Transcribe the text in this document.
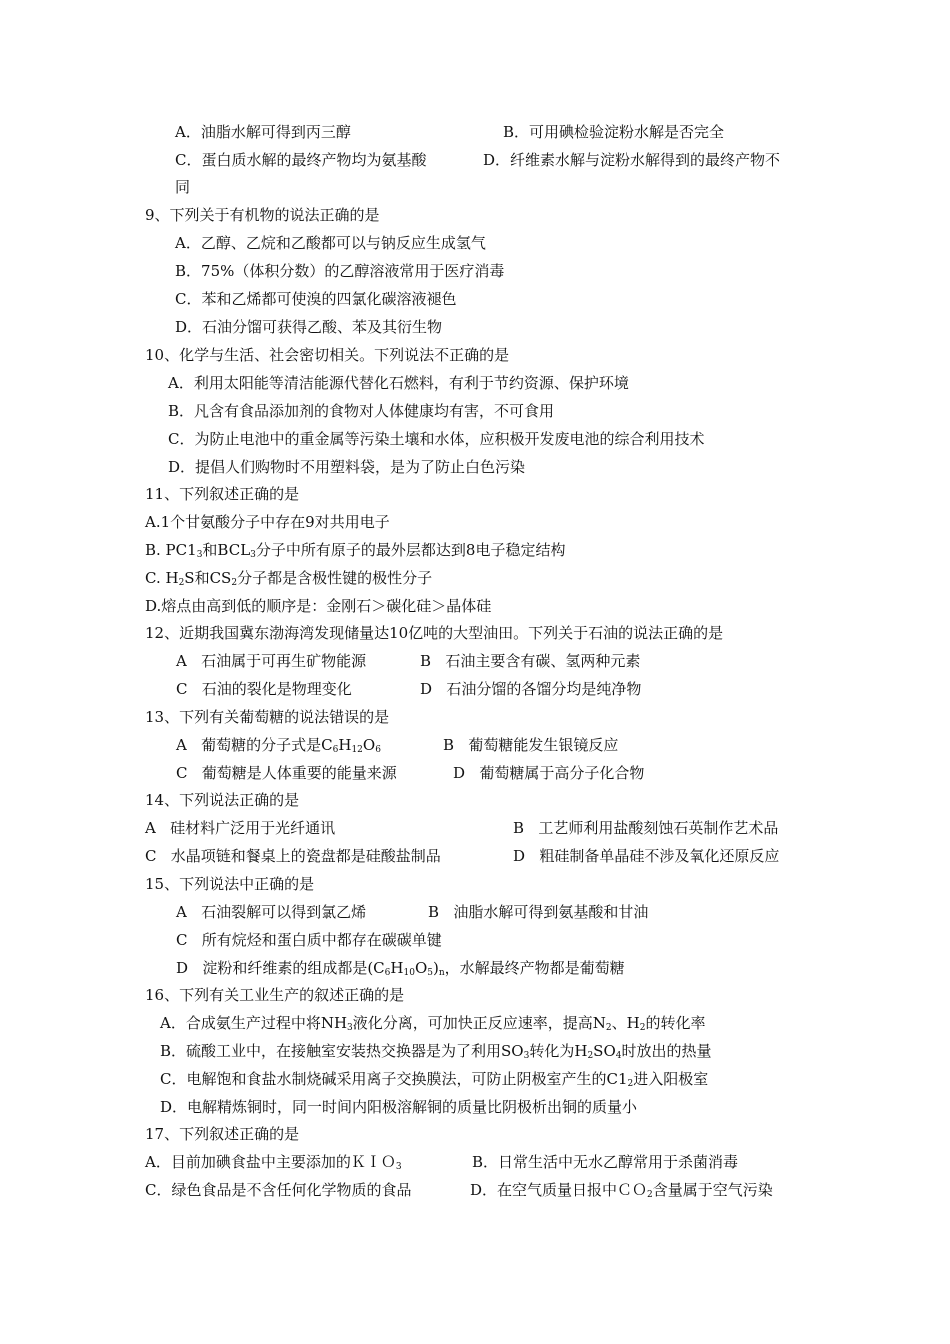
A．油脂水解可得到丙三醇	B．可用碘检验淀粉水解是否完全
C．蛋白质水解的最终产物均为氨基酸	D．纤维素水解与淀粉水解得到的最终产物不
同
9、下列关于有机物的说法正确的是
A．乙醇、乙烷和乙酸都可以与钠反应生成氢气
B．75%（体积分数）的乙醇溶液常用于医疗消毒
C．苯和乙烯都可使溴的四氯化碳溶液褪色
D．石油分馏可获得乙酸、苯及其衍生物
10、化学与生活、社会密切相关。下列说法不正确的是
A．利用太阳能等清洁能源代替化石燃料，有利于节约资源、保护环境
B．凡含有食品添加剂的食物对人体健康均有害，不可食用
C．为防止电池中的重金属等污染土壤和水体，应积极开发废电池的综合利用技术
D．提倡人们购物时不用塑料袋，是为了防止白色污染
11、下列叙述正确的是
A.1个甘氨酸分子中存在9对共用电子
B. $PC1_3$和$BCL_3$分子中所有原子的最外层都达到8电子稳定结构
C. $H_2S$和$CS_2$分子都是含极性键的极性分子
D.熔点由高到低的顺序是：金刚石＞碳化硅＞晶体硅
12、近期我国冀东渤海湾发现储量达10亿吨的大型油田。下列关于石油的说法正确的是
A   石油属于可再生矿物能源	B   石油主要含有碳、氢两种元素
C   石油的裂化是物理变化	D   石油分馏的各馏分均是纯净物
13、下列有关葡萄糖的说法错误的是
A   葡萄糖的分子式是$C_6H_{12}O_6$	B   葡萄糖能发生银镜反应
C   葡萄糖是人体重要的能量来源	D   葡萄糖属于高分子化合物
14、下列说法正确的是
A   硅材料广泛用于光纤通讯	B   工艺师利用盐酸刻蚀石英制作艺术品
C   水晶项链和餐桌上的瓷盘都是硅酸盐制品	D   粗硅制备单晶硅不涉及氧化还原反应
15、下列说法中正确的是
A   石油裂解可以得到氯乙烯	B   油脂水解可得到氨基酸和甘油
C   所有烷烃和蛋白质中都存在碳碳单键
D   淀粉和纤维素的组成都是$(C_6H_{10}O_5)_n$，水解最终产物都是葡萄糖
16、下列有关工业生产的叙述正确的是
A．合成氨生产过程中将$NH_3$液化分离，可加快正反应速率，提高$N_2$、$H_2$的转化率
B．硫酸工业中，在接触室安装热交换器是为了利用$SO_3$转化为$H_2SO_4$时放出的热量
C．电解饱和食盐水制烧碱采用离子交换膜法，可防止阴极室产生的$C1_2$进入阳极室
D．电解精炼铜时，同一时间内阳极溶解铜的质量比阴极析出铜的质量小
17、下列叙述正确的是
A．目前加碘食盐中主要添加的ＫＩＯ$_3$	B．日常生活中无水乙醇常用于杀菌消毒
C．绿色食品是不含任何化学物质的食品	D．在空气质量日报中ＣＯ$_2$含量属于空气污染
